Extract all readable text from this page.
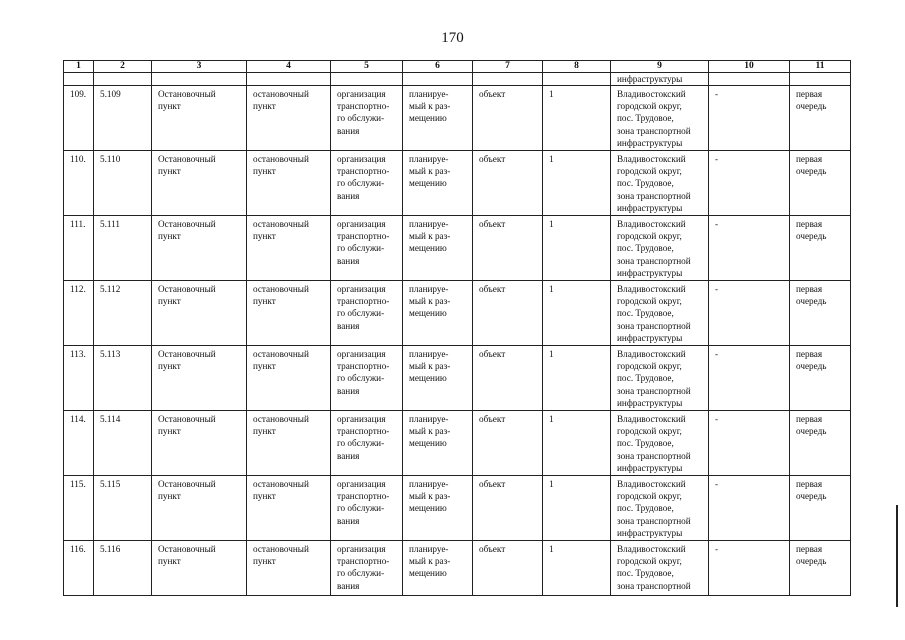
170
1	2	3	4	5	6	7	8	9	10	11
								инфраструктуры		
109.	5.109	Остановочный
пункт	остановочный
пункт	организация
транспортно-
го обслужи-
вания	планируе-
мый к раз-
мещению	объект	1	Владивостокский
городской округ,
пос. Трудовое,
зона транспортной
инфраструктуры	-	первая
очередь
110.	5.110	Остановочный
пункт	остановочный
пункт	организация
транспортно-
го обслужи-
вания	планируе-
мый к раз-
мещению	объект	1	Владивостокский
городской округ,
пос. Трудовое,
зона транспортной
инфраструктуры	-	первая
очередь
111.	5.111	Остановочный
пункт	остановочный
пункт	организация
транспортно-
го обслужи-
вания	планируе-
мый к раз-
мещению	объект	1	Владивостокский
городской округ,
пос. Трудовое,
зона транспортной
инфраструктуры	-	первая
очередь
112.	5.112	Остановочный
пункт	остановочный
пункт	организация
транспортно-
го обслужи-
вания	планируе-
мый к раз-
мещению	объект	1	Владивостокский
городской округ,
пос. Трудовое,
зона транспортной
инфраструктуры	-	первая
очередь
113.	5.113	Остановочный
пункт	остановочный
пункт	организация
транспортно-
го обслужи-
вания	планируе-
мый к раз-
мещению	объект	1	Владивостокский
городской округ,
пос. Трудовое,
зона транспортной
инфраструктуры	-	первая
очередь
114.	5.114	Остановочный
пункт	остановочный
пункт	организация
транспортно-
го обслужи-
вания	планируе-
мый к раз-
мещению	объект	1	Владивостокский
городской округ,
пос. Трудовое,
зона транспортной
инфраструктуры	-	первая
очередь
115.	5.115	Остановочный
пункт	остановочный
пункт	организация
транспортно-
го обслужи-
вания	планируе-
мый к раз-
мещению	объект	1	Владивостокский
городской округ,
пос. Трудовое,
зона транспортной
инфраструктуры	-	первая
очередь
116.	5.116	Остановочный
пункт	остановочный
пункт	организация
транспортно-
го обслужи-
вания	планируе-
мый к раз-
мещению	объект	1	Владивостокский
городской округ,
пос. Трудовое,
зона транспортной	-	первая
очередь
